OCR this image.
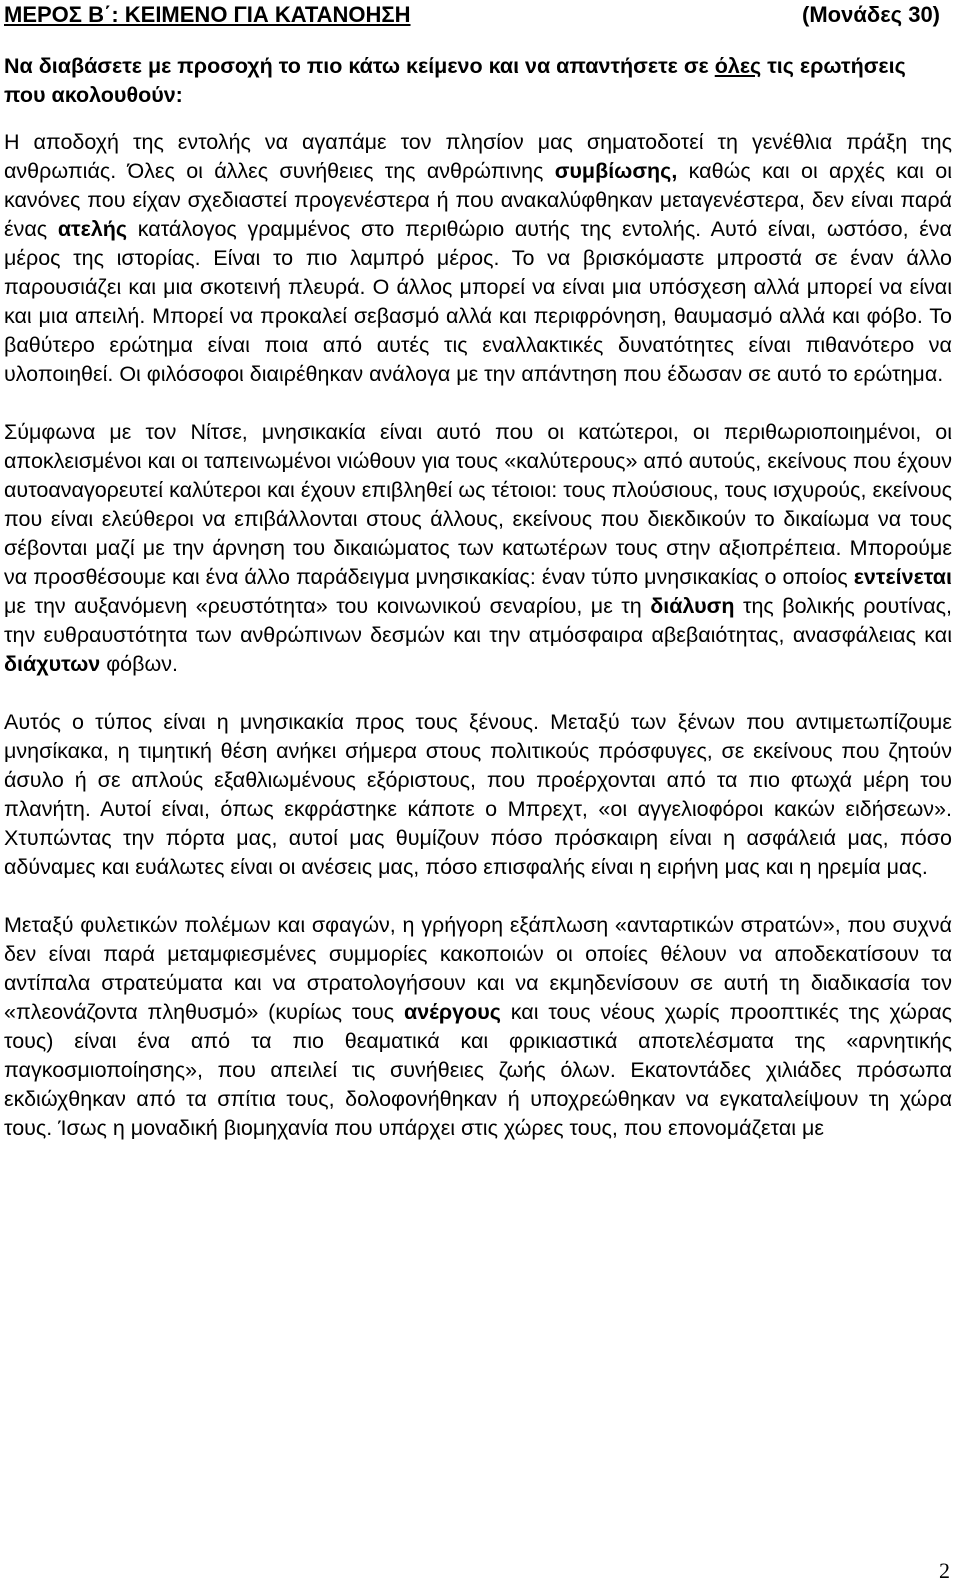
ΜΕΡΟΣ Β΄: ΚΕΙΜΕΝΟ ΓΙΑ ΚΑΤΑΝΟΗΣΗ	(Μονάδες 30)
Να διαβάσετε με προσοχή το πιο κάτω κείμενο και να απαντήσετε σε όλες τις ερωτήσεις που ακολουθούν:

Η αποδοχή της εντολής να αγαπάμε τον πλησίον μας σηματοδοτεί τη γενέθλια πράξη της ανθρωπιάς. Όλες οι άλλες συνήθειες της ανθρώπινης συμβίωσης, καθώς και οι αρχές και οι κανόνες που είχαν σχεδιαστεί προγενέστερα ή που ανακαλύφθηκαν μεταγενέστερα, δεν είναι παρά ένας ατελής κατάλογος γραμμένος στο περιθώριο αυτής της εντολής. Αυτό είναι, ωστόσο, ένα μέρος της ιστορίας. Είναι το πιο λαμπρό μέρος. Το να βρισκόμαστε μπροστά σε έναν άλλο παρουσιάζει και μια σκοτεινή πλευρά. Ο άλλος μπορεί να είναι μια υπόσχεση αλλά μπορεί να είναι και μια απειλή. Μπορεί να προκαλεί σεβασμό αλλά και περιφρόνηση, θαυμασμό αλλά και φόβο. Το βαθύτερο ερώτημα είναι ποια από αυτές τις εναλλακτικές δυνατότητες είναι πιθανότερο να υλοποιηθεί. Οι φιλόσοφοι διαιρέθηκαν ανάλογα με την απάντηση που έδωσαν σε αυτό το ερώτημα.

Σύμφωνα με τον Νίτσε, μνησικακία είναι αυτό που οι κατώτεροι, οι περιθωριοποιημένοι, οι αποκλεισμένοι και οι ταπεινωμένοι νιώθουν για τους «καλύτερους» από αυτούς, εκείνους που έχουν αυτοαναγορευτεί καλύτεροι και έχουν επιβληθεί ως τέτοιοι: τους πλούσιους, τους ισχυρούς, εκείνους που είναι ελεύθεροι να επιβάλλονται στους άλλους, εκείνους που διεκδικούν το δικαίωμα να τους σέβονται μαζί με την άρνηση του δικαιώματος των κατωτέρων τους στην αξιοπρέπεια. Μπορούμε να προσθέσουμε και ένα άλλο παράδειγμα μνησικακίας: έναν τύπο μνησικακίας ο οποίος εντείνεται με την αυξανόμενη «ρευστότητα» του κοινωνικού σεναρίου, με τη διάλυση της βολικής ρουτίνας, την ευθραυστότητα των ανθρώπινων δεσμών και την ατμόσφαιρα αβεβαιότητας, ανασφάλειας και διάχυτων φόβων.

Αυτός ο τύπος είναι η μνησικακία προς τους ξένους. Μεταξύ των ξένων που αντιμετωπίζουμε μνησίκακα, η τιμητική θέση ανήκει σήμερα στους πολιτικούς πρόσφυγες, σε εκείνους που ζητούν άσυλο ή σε απλούς εξαθλιωμένους εξόριστους, που προέρχονται από τα πιο φτωχά μέρη του πλανήτη. Αυτοί είναι, όπως εκφράστηκε κάποτε ο Μπρεχτ, «οι αγγελιοφόροι κακών ειδήσεων». Χτυπώντας την πόρτα μας, αυτοί μας θυμίζουν πόσο πρόσκαιρη είναι η ασφάλειά μας, πόσο αδύναμες και ευάλωτες είναι οι ανέσεις μας, πόσο επισφαλής είναι η ειρήνη μας και η ηρεμία μας.

Μεταξύ φυλετικών πολέμων και σφαγών, η γρήγορη εξάπλωση «ανταρτικών στρατών», που συχνά δεν είναι παρά μεταμφιεσμένες συμμορίες κακοποιών οι οποίες θέλουν να αποδεκατίσουν τα αντίπαλα στρατεύματα και να στρατολογήσουν και να εκμηδενίσουν σε αυτή τη διαδικασία τον «πλεονάζοντα πληθυσμό» (κυρίως τους ανέργους και τους νέους χωρίς προοπτικές της χώρας τους) είναι ένα από τα πιο θεαματικά και φρικιαστικά αποτελέσματα της «αρνητικής παγκοσμιοποίησης», που απειλεί τις συνήθειες ζωής όλων. Εκατοντάδες χιλιάδες πρόσωπα εκδιώχθηκαν από τα σπίτια τους, δολοφονήθηκαν ή υποχρεώθηκαν να εγκαταλείψουν τη χώρα τους. Ίσως η μοναδική βιομηχανία που υπάρχει στις χώρες τους, που επονομάζεται με

2
